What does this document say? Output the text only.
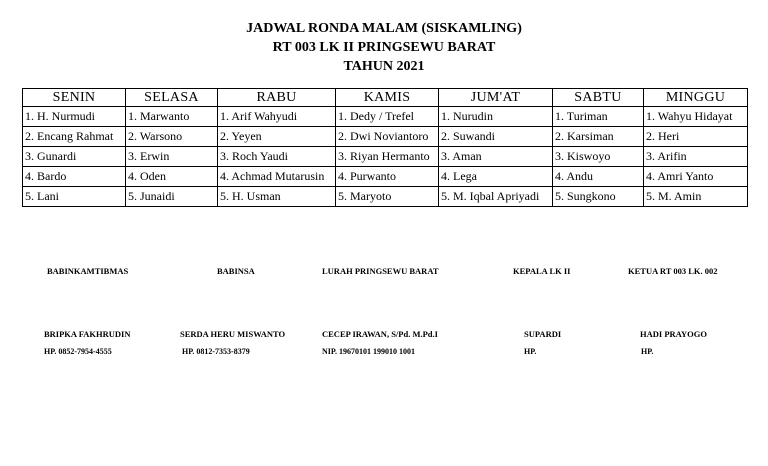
JADWAL RONDA MALAM (SISKAMLING)
RT 003 LK II PRINGSEWU BARAT
TAHUN 2021
SENIN	SELASA	RABU	KAMIS	JUM'AT	SABTU	MINGGU
1. H. Nurmudi	1. Marwanto	1. Arif Wahyudi	1. Dedy / Trefel	1. Nurudin	1. Turiman	1. Wahyu Hidayat
2. Encang Rahmat	2. Warsono	2. Yeyen	2. Dwi Noviantoro	2. Suwandi	2. Karsiman	2. Heri
3. Gunardi	3. Erwin	3. Roch Yaudi	3. Riyan Hermanto	3. Aman	3. Kiswoyo	3. Arifin
4. Bardo	4. Oden	4. Achmad Mutarusin	4. Purwanto	4. Lega	4. Andu	4. Amri Yanto
5. Lani	5. Junaidi	5. H. Usman	5. Maryoto	5. M. Iqbal Apriyadi	5. Sungkono	5. M. Amin
BABINKAMTIBMAS	BABINSA	LURAH PRINGSEWU BARAT	KEPALA LK II	KETUA RT 003 LK. 002
BRIPKA FAKHRUDIN	SERDA HERU MISWANTO	CECEP IRAWAN, S/Pd. M.Pd.I	SUPARDI	HADI PRAYOGO
HP. 0852-7954-4555	HP. 0812-7353-8379	NIP. 19670101 199010 1001	HP.	HP.
